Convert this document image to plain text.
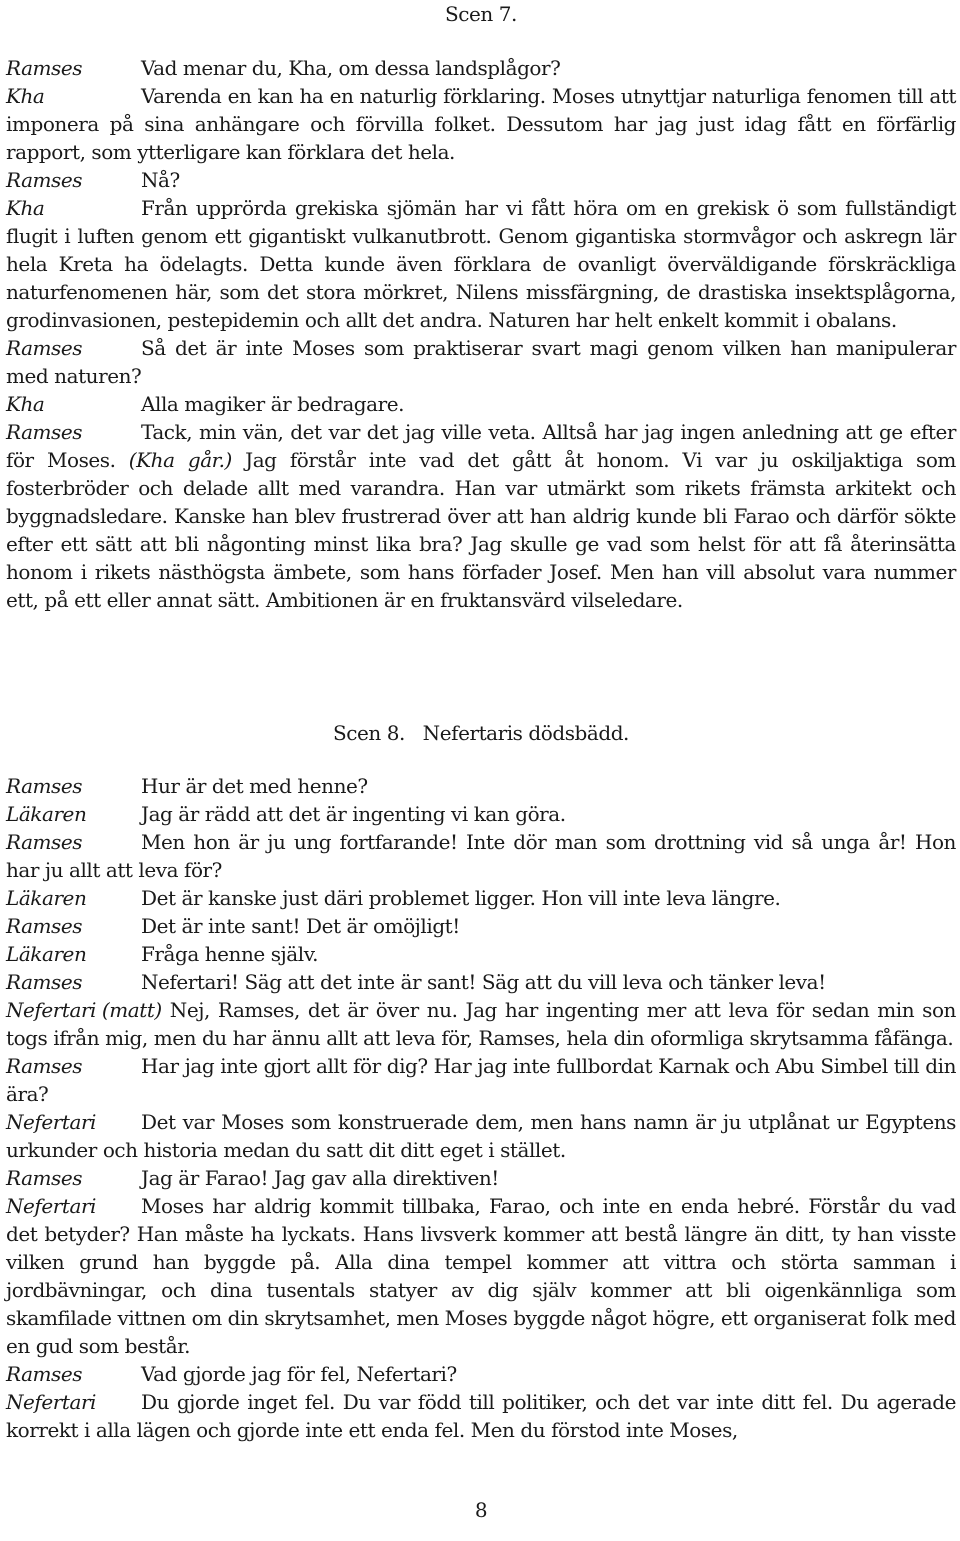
Scen 7.

Ramses	Vad menar du, Kha, om dessa landsplågor?

Kha	Varenda en kan ha en naturlig förklaring. Moses utnyttjar naturliga fenomen till att imponera på sina anhängare och förvilla folket. Dessutom har jag just idag fått en förfärlig rapport, som ytterligare kan förklara det hela.

Ramses	Nå?

Kha	Från upprörda grekiska sjömän har vi fått höra om en grekisk ö som fullständigt flugit i luften genom ett gigantiskt vulkanutbrott. Genom gigantiska stormvågor och askregn lär hela Kreta ha ödelagts. Detta kunde även förklara de ovanligt överväldigande förskräckliga naturfenomenen här, som det stora mörkret, Nilens missfärgning, de drastiska insektsplågorna, grodinvasionen, pestepidemin och allt det andra. Naturen har helt enkelt kommit i obalans.

Ramses	Så det är inte Moses som praktiserar svart magi genom vilken han manipulerar med naturen?

Kha	Alla magiker är bedragare.

Ramses	Tack, min vän, det var det jag ville veta. Alltså har jag ingen anledning att ge efter för Moses. (Kha går.) Jag förstår inte vad det gått åt honom. Vi var ju oskiljaktiga som fosterbröder och delade allt med varandra. Han var utmärkt som rikets främsta arkitekt och byggnadsledare. Kanske han blev frustrerad över att han aldrig kunde bli Farao och därför sökte efter ett sätt att bli någonting minst lika bra? Jag skulle ge vad som helst för att få återinsätta honom i rikets nästhögsta ämbete, som hans förfader Josef. Men han vill absolut vara nummer ett, på ett eller annat sätt. Ambitionen är en fruktansvärd vilseledare.

Scen 8.   Nefertaris dödsbädd.

Ramses	Hur är det med henne?

Läkaren	Jag är rädd att det är ingenting vi kan göra.

Ramses	Men hon är ju ung fortfarande! Inte dör man som drottning vid så unga år! Hon har ju allt att leva för?

Läkaren	Det är kanske just däri problemet ligger. Hon vill inte leva längre.

Ramses	Det är inte sant! Det är omöjligt!

Läkaren	Fråga henne själv.

Ramses	Nefertari! Säg att det inte är sant! Säg att du vill leva och tänker leva!

Nefertari (matt) Nej, Ramses, det är över nu. Jag har ingenting mer att leva för sedan min son togs ifrån mig, men du har ännu allt att leva för, Ramses, hela din oformliga skrytsamma fåfänga.

Ramses	Har jag inte gjort allt för dig? Har jag inte fullbordat Karnak och Abu Simbel till din ära?

Nefertari Det var Moses som konstruerade dem, men hans namn är ju utplånat ur Egyptens urkunder och historia medan du satt dit ditt eget i stället.

Ramses	Jag är Farao! Jag gav alla direktiven!

Nefertari Moses har aldrig kommit tillbaka, Farao, och inte en enda hebré. Förstår du vad det betyder? Han måste ha lyckats. Hans livsverk kommer att bestå längre än ditt, ty han visste vilken grund han byggde på. Alla dina tempel kommer att vittra och störta samman i jordbävningar, och dina tusentals statyer av dig själv kommer att bli oigenkännliga som skamfilade vittnen om din skrytsamhet, men Moses byggde något högre, ett organiserat folk med en gud som består.

Ramses	Vad gjorde jag för fel, Nefertari?

Nefertari Du gjorde inget fel. Du var född till politiker, och det var inte ditt fel. Du agerade korrekt i alla lägen och gjorde inte ett enda fel. Men du förstod inte Moses,

8
